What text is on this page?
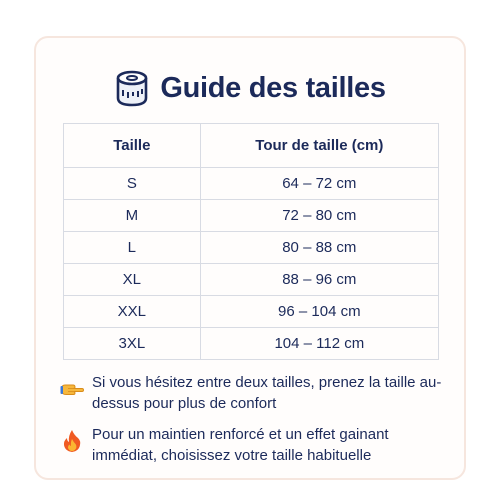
Guide des tailles
Taille	Tour de taille (cm)
S	64 – 72 cm
M	72 – 80 cm
L	80 – 88 cm
XL	88 – 96 cm
XXL	96 – 104 cm
3XL	104 – 112 cm
Si vous hésitez entre deux tailles, prenez la taille au-dessus pour plus de confort
Pour un maintien renforcé et un effet gainant immédiat, choisissez votre taille habituelle
